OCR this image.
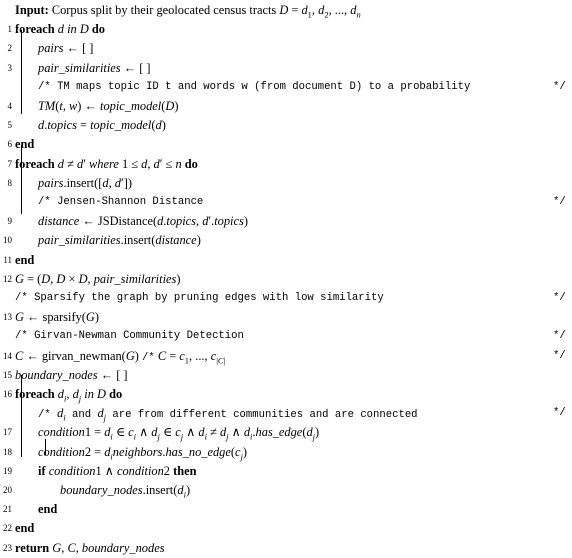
Input: Corpus split by their geolocated census tracts $D = d_1$, $d_2$, ..., $d_n$
1 foreach d in D do
2 pairs ← [ ]
3 pair_similarities ← [ ]
/* TM maps topic ID t and words w (from document D) to a probability	*/
4 TM(t, w) ← topic_model(D)
5 d.topics = topic_model(d)
6 end
7 foreach d ≠ d′ where 1 ≤ d, d′ ≤ n do
8 pairs.insert([d, d′])
/* Jensen-Shannon Distance	*/
9 distance ← JSDistance(d.topics, d′.topics)
10 pair_similarities.insert(distance)
11 end
12 G = (D, D × D, pair_similarities)
/* Sparsify the graph by pruning edges with low similarity	*/
13 G ← sparsify(G)
/* Girvan-Newman Community Detection	*/
14 C ← girvan_newman(G) /* $C = c_1$, ..., $c_{|C|}$	*/
15 boundary_nodes ← [ ]
16 foreach $d_i$, $d_j$ in D do
/* $d_i$ and $d_j$ are from different communities and are connected	*/
17 condition1 = $d_i$ ∈ $c_i$ ∧ $d_j$ ∈ $c_j$ ∧ $d_i \ne d_j$ ∧ $d_i.has\_edge(d_j)$
18 condition2 = $d_ineighbors.has\_no\_edge(c_j)$
19 if condition1 ∧ condition2 then
20	$boundary\_nodes.insert(d_i)$
21 end
22 end
23 return G, C, boundary_nodes
